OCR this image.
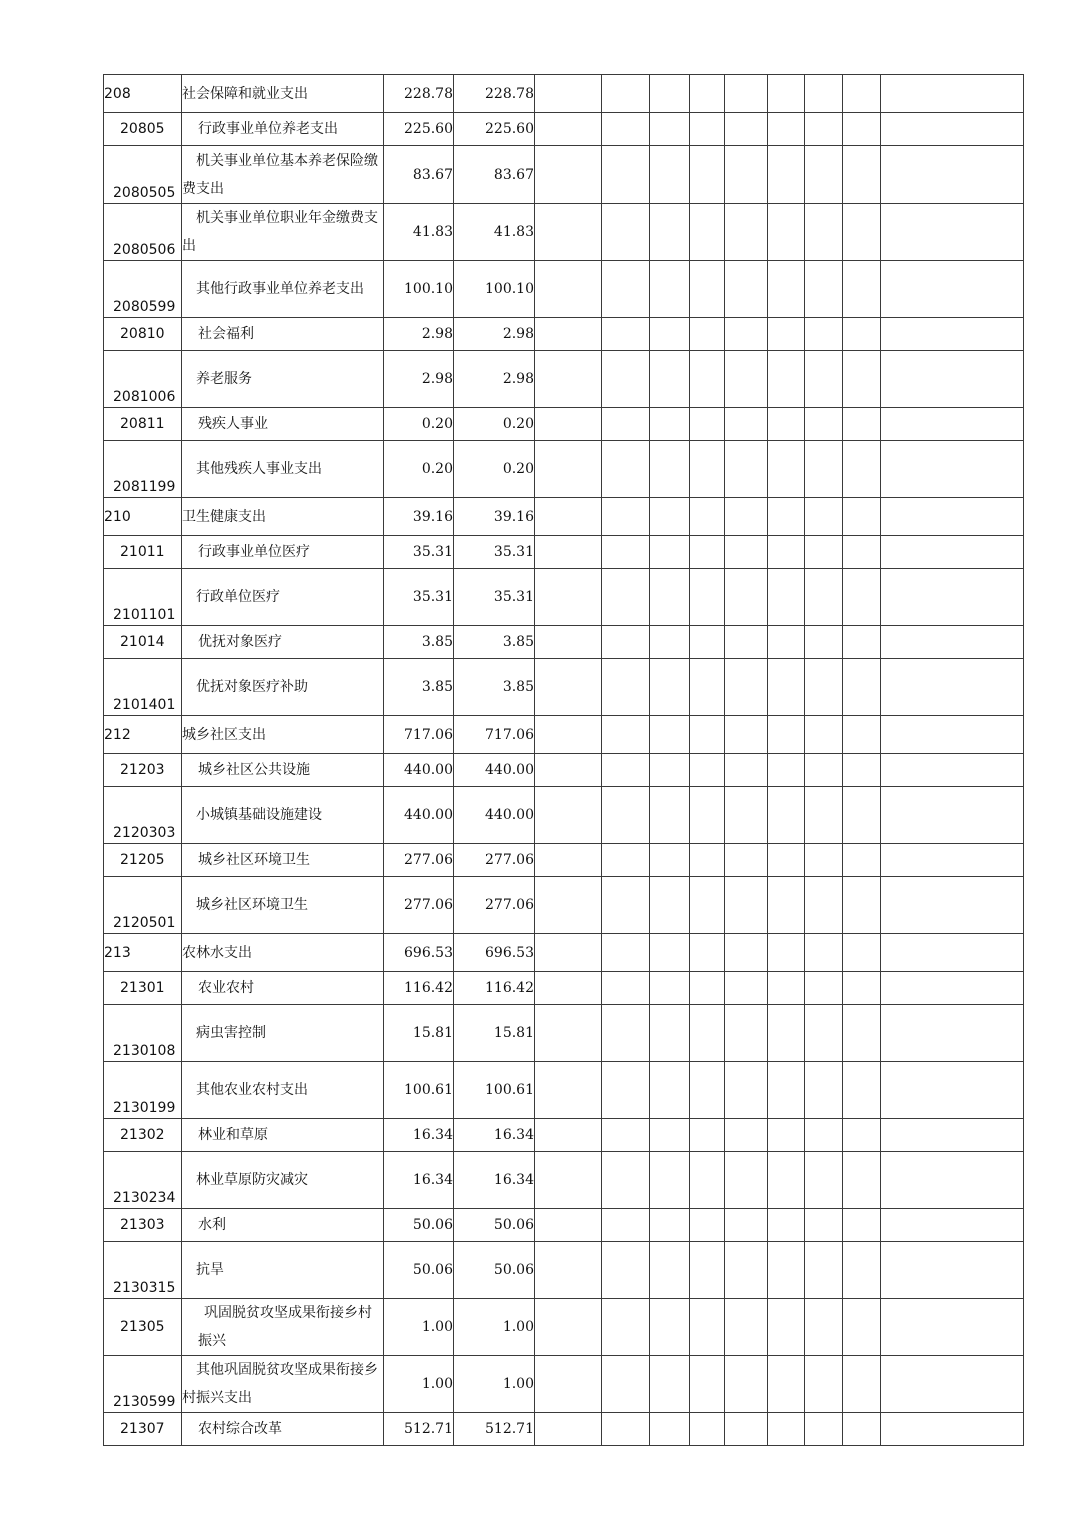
208	社会保障和就业支出	228.78	228.78									
20805	行政事业单位养老支出	225.60	225.60									
2080505	机关事业单位基本养老保险缴费支出	83.67	83.67									
2080506	机关事业单位职业年金缴费支出	41.83	41.83									
2080599	其他行政事业单位养老支出	100.10	100.10									
20810	社会福利	2.98	2.98									
2081006	养老服务	2.98	2.98									
20811	残疾人事业	0.20	0.20									
2081199	其他残疾人事业支出	0.20	0.20									
210	卫生健康支出	39.16	39.16									
21011	行政事业单位医疗	35.31	35.31									
2101101	行政单位医疗	35.31	35.31									
21014	优抚对象医疗	3.85	3.85									
2101401	优抚对象医疗补助	3.85	3.85									
212	城乡社区支出	717.06	717.06									
21203	城乡社区公共设施	440.00	440.00									
2120303	小城镇基础设施建设	440.00	440.00									
21205	城乡社区环境卫生	277.06	277.06									
2120501	城乡社区环境卫生	277.06	277.06									
213	农林水支出	696.53	696.53									
21301	农业农村	116.42	116.42									
2130108	病虫害控制	15.81	15.81									
2130199	其他农业农村支出	100.61	100.61									
21302	林业和草原	16.34	16.34									
2130234	林业草原防灾减灾	16.34	16.34									
21303	水利	50.06	50.06									
2130315	抗旱	50.06	50.06									
21305	巩固脱贫攻坚成果衔接乡村振兴	1.00	1.00									
2130599	其他巩固脱贫攻坚成果衔接乡村振兴支出	1.00	1.00									
21307	农村综合改革	512.71	512.71									
